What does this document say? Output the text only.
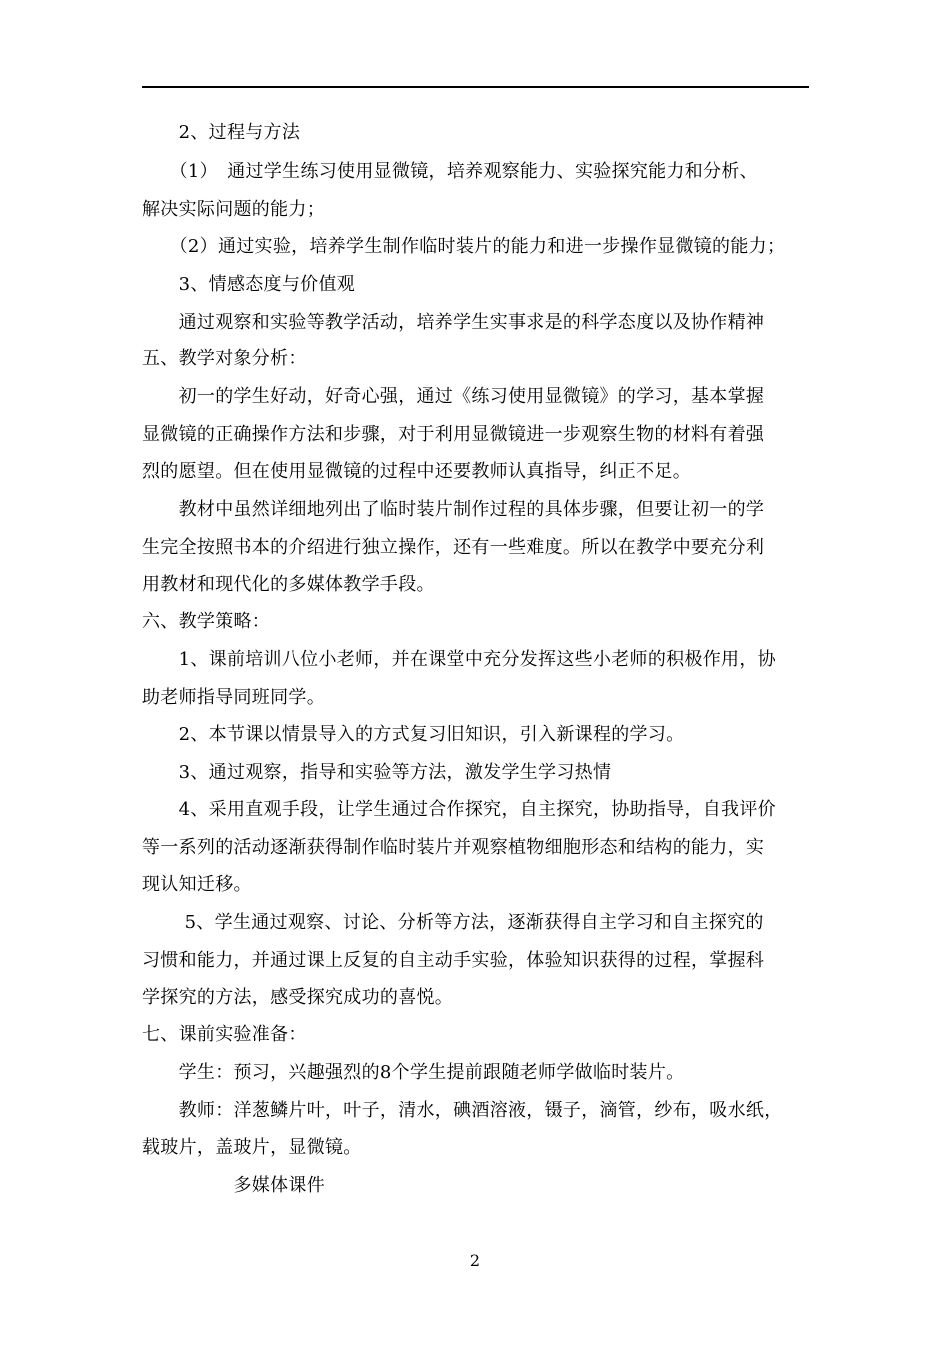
　　2、过程与方法
　　（1）　通过学生练习使用显微镜，培养观察能力、实验探究能力和分析、
解决实际问题的能力；
　　（2）通过实验，培养学生制作临时装片的能力和进一步操作显微镜的能力；
　　3、情感态度与价值观
　　通过观察和实验等教学活动，培养学生实事求是的科学态度以及协作精神
五、教学对象分析：
　　初一的学生好动，好奇心强，通过《练习使用显微镜》的学习，基本掌握
显微镜的正确操作方法和步骤，对于利用显微镜进一步观察生物的材料有着强
烈的愿望。但在使用显微镜的过程中还要教师认真指导，纠正不足。
　　教材中虽然详细地列出了临时装片制作过程的具体步骤，但要让初一的学
生完全按照书本的介绍进行独立操作，还有一些难度。所以在教学中要充分利
用教材和现代化的多媒体教学手段。
六、教学策略：
　　1、课前培训八位小老师，并在课堂中充分发挥这些小老师的积极作用，协
助老师指导同班同学。
　　2、本节课以情景导入的方式复习旧知识，引入新课程的学习。
　　3、通过观察，指导和实验等方法，激发学生学习热情
　　4、采用直观手段，让学生通过合作探究，自主探究，协助指导，自我评价
等一系列的活动逐渐获得制作临时装片并观察植物细胞形态和结构的能力，实
现认知迁移。
　　 5、学生通过观察、讨论、分析等方法，逐渐获得自主学习和自主探究的
习惯和能力，并通过课上反复的自主动手实验，体验知识获得的过程，掌握科
学探究的方法，感受探究成功的喜悦。
七、课前实验准备：
　　学生：预习，兴趣强烈的8个学生提前跟随老师学做临时装片。
　　教师：洋葱鳞片叶，叶子，清水，碘酒溶液，镊子，滴管，纱布，吸水纸，
载玻片，盖玻片，显微镜。
　　　　　多媒体课件
2
